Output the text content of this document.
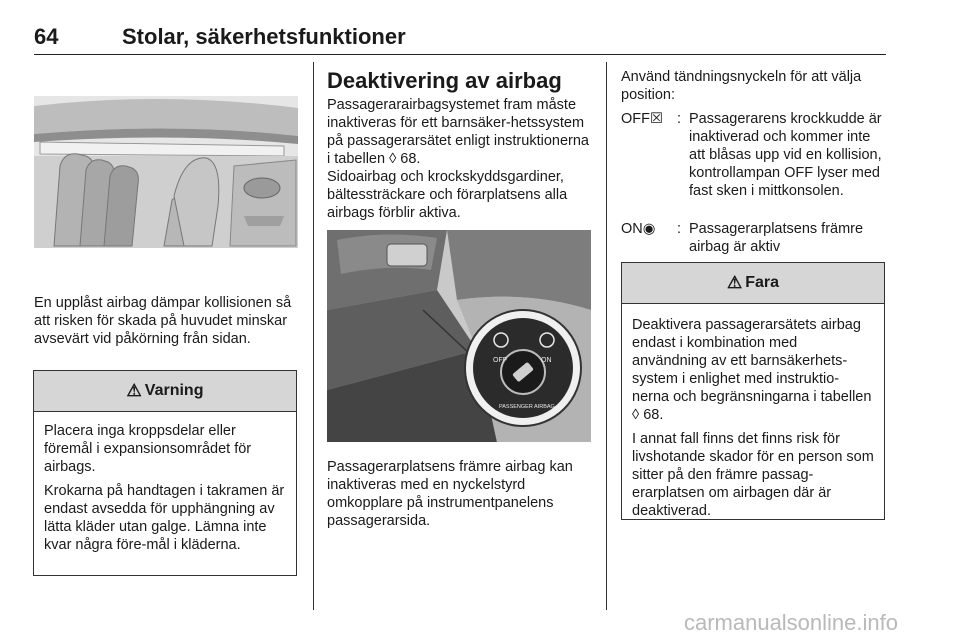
64	Stolar, säkerhetsfunktioner

En upplåst airbag dämpar kollisionen så att risken för skada på huvudet minskar avsevärt vid påkörning från sidan.

⚠ Varning

Placera inga kroppsdelar eller föremål i expansionsområdet för airbags.

Krokarna på handtagen i takramen är endast avsedda för upphängning av lätta kläder utan galge. Lämna inte kvar några före-mål i kläderna.

Deaktivering av airbag

Passagerarairbagsystemet fram måste inaktiveras för ett barnsäker-hetssystem på passagerarsätet enligt instruktionerna i tabellen ◊ 68.

Sidoairbag och krockskyddsgardiner, bältessträckare och förarplatsens alla airbags förblir aktiva.

OFF	ON
PASSENGER AIRBAG

Passagerarplatsens främre airbag kan inaktiveras med en nyckelstyrd omkopplare på instrumentpanelens passagerarsida.

Använd tändningsnyckeln för att välja position:

OFF☒ : Passagerarens krockkudde är inaktiverad och kommer inte att blåsas upp vid en kollision, kontrollampan OFF lyser med fast sken i mittkonsolen.
ON◉ : Passagerarplatsens främre airbag är aktiv
⚠ Fara

Deaktivera passagerarsätets airbag endast i kombination med användning av ett barnsäkerhets-system i enlighet med instruktio-nerna och begränsningarna i tabellen ◊ 68.

I annat fall finns det finns risk för livshotande skador för en person som sitter på den främre passag-erarplatsen om airbagen där är deaktiverad.

carmanualsonline.info
